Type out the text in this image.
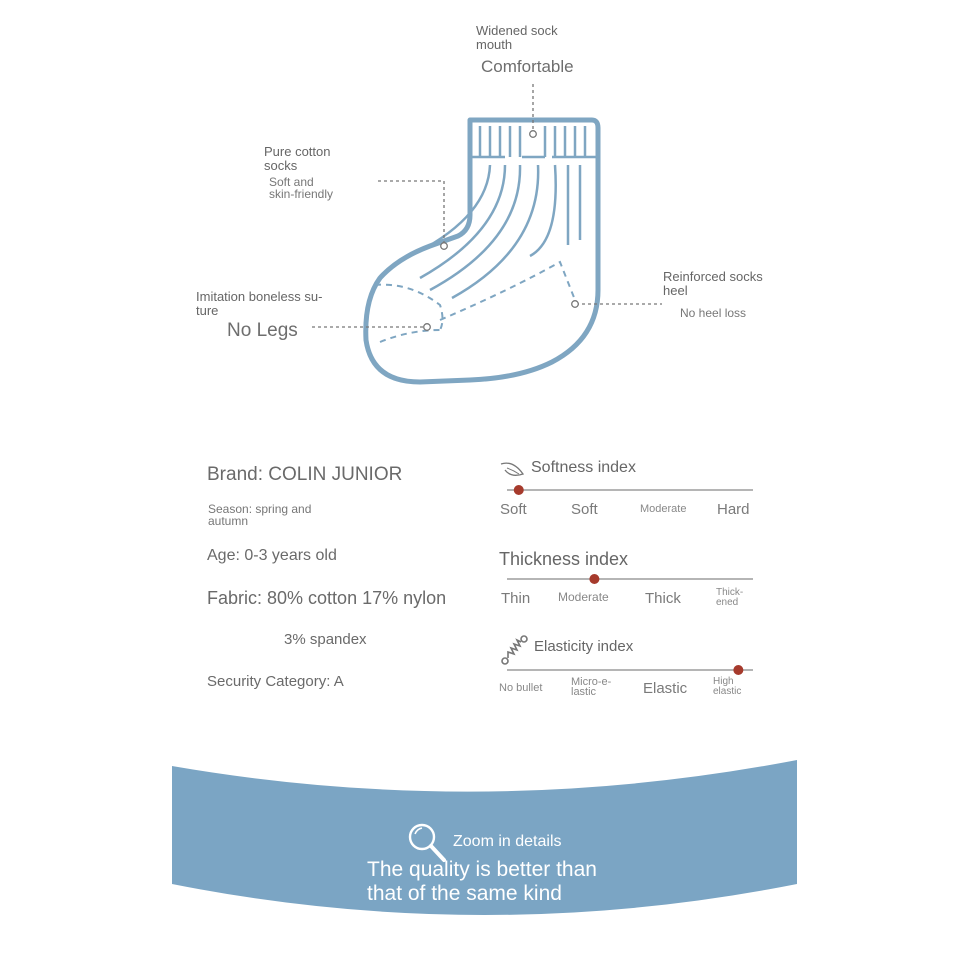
Widened sock
mouth
Comfortable
Pure cotton
socks
Soft and
skin-friendly
Imitation boneless su-
ture
No Legs
Reinforced socks
heel
No heel loss
Brand: COLIN JUNIOR
Season: spring and
autumn
Age: 0-3 years old
Fabric: 80% cotton 17% nylon
3% spandex
Security Category: A
Softness index
Soft	Soft	Moderate Hard
Thickness index
Thin Moderate Thick	Thick-
ened
Elasticity index
No bullet	Micro-e-
lastic	Elastic	High
elastic
Zoom in details
The quality is better than
that of the same kind
